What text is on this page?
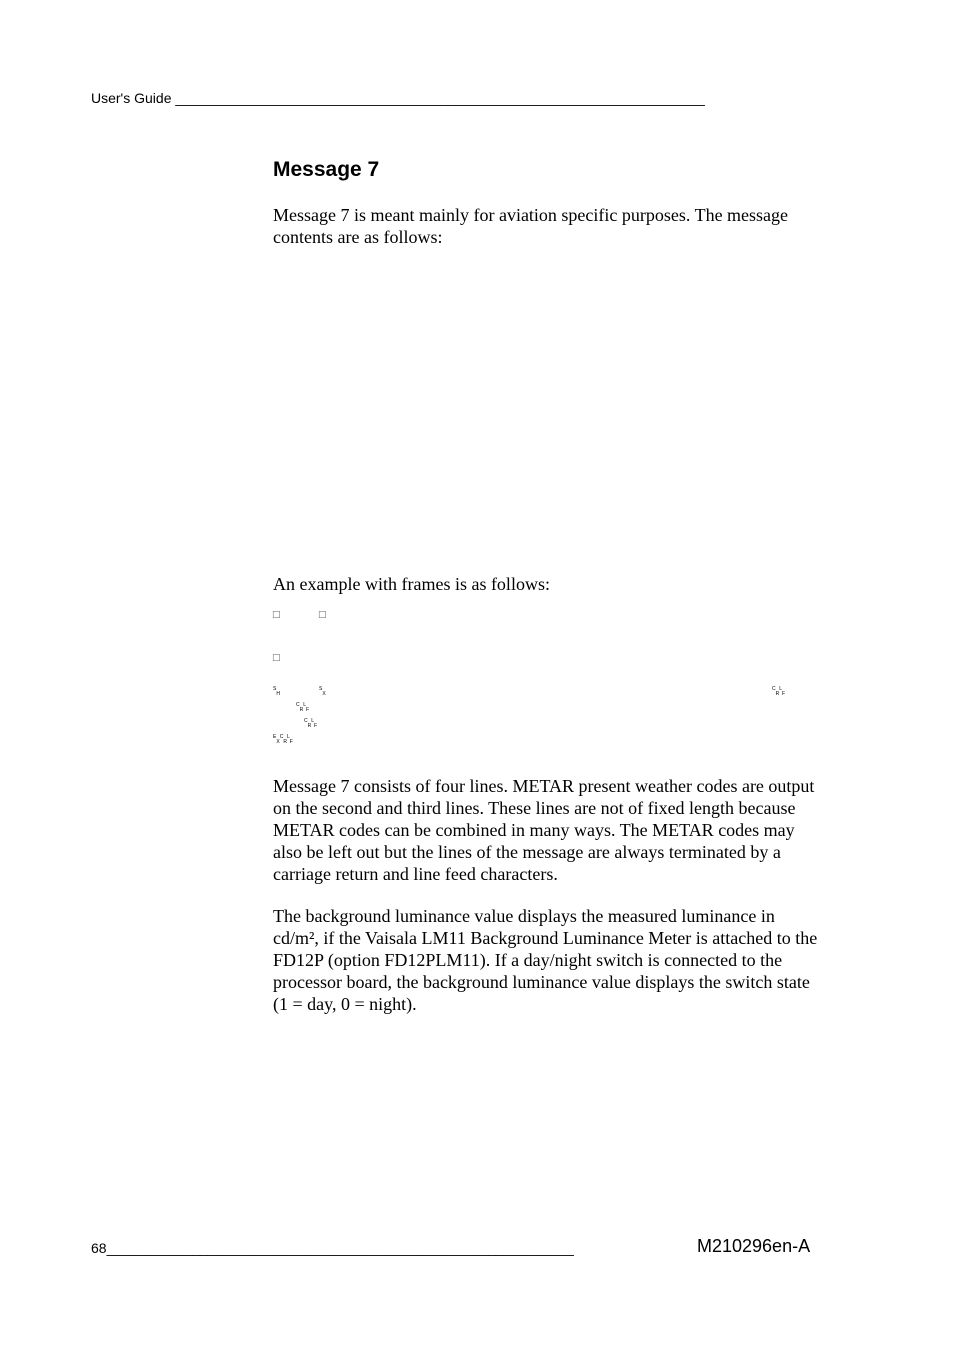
User's Guide ____________________________________________________________________
Message 7

Message 7 is meant mainly for aviation specific purposes. The message contents are as follows:

An example with frames is as follows:

□	□
□
$^S_H$
$^S_X$
$^C_R^L_F$
$^C_R^L_F$
$^C_R^L_F$
$^E_X^C_R^L_F$

Message 7 consists of four lines. METAR present weather codes are output on the second and third lines. These lines are not of fixed length because METAR codes can be combined in many ways. The METAR codes may also be left out but the lines of the message are always terminated by a carriage return and line feed characters.

The background luminance value displays the measured luminance in cd/m², if the Vaisala LM11 Background Luminance Meter is attached to the FD12P (option FD12PLM11). If a day/night switch is connected to the processor board, the background luminance value displays the switch state (1 = day, 0 = night).

68____________________________________________________________	M210296en-A
